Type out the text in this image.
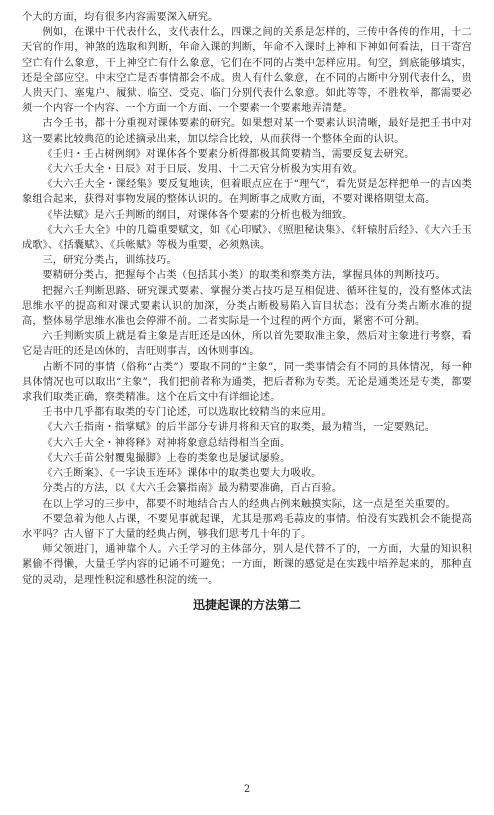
个大的方面，均有很多内容需要深入研究。

例如，在课中干代表什么，支代表什么，四课之间的关系是怎样的，三传中各传的作用，十二天官的作用，神煞的选取和判断，年命入课的判断，年命不入课时上神和下神如何看法，日干寄宫空亡有什么象意，干上神空亡有什么象意，它们在不同的占类中怎样应用。旬空，到底能够填实，还是全部应空。中末空亡是否事情都会不成。贵人有什么象意，在不同的占断中分别代表什么，贵人贵天门、塞鬼户、履狱、临空、受克、临门分别代表什么象意。如此等等，不胜枚举，都需要必须一个内容一个内容、一个方面一个方面、一个要素一个要素地弄清楚。

古今壬书，都十分重视对课体要素的研究。如果想对某一个要素认识清晰，最好是把壬书中对这一要素比较典范的论述摘录出来，加以综合比较，从而获得一个整体全面的认识。

《壬归・壬占树例纲》对课体各个要素分析得都极其简要精当，需要反复去研究。

《大六壬大全・日辰》对于日辰、发用、十二天官分析极为实用有效。

《大六壬大全・课经集》要反复地读，但着眼点应在于“理气”，看先贤是怎样把单一的吉凶类象组合起来，获得对事物发展的整体认识的。在判断事之成败方面，不要对课格期望太高。

《毕法赋》是六壬判断的纲目，对课体各个要素的分析也极为细致。

《大六壬大全》中的几篇重要赋文，如《心印赋》、《照胆秘诀集》、《轩辕肘后经》、《大六壬玉成歌》、《括囊赋》、《兵帐赋》等极为重要，必须熟读。

三，研究分类占，训练技巧。

要精研分类占，把握每个占类（包括其小类）的取类和察类方法，掌握具体的判断技巧。

把握六壬判断思路、研究课式要素、掌握分类占技巧是互相促进、循环往复的，没有整体式法思维水平的提高和对课式要素认识的加深，分类占断极易陷入盲目状态；没有分类占断水准的提高，整体易学思维水准也会停滞不前。二者实际是一个过程的两个方面，紧密不可分割。

六壬判断实质上就是看主象是吉旺还是凶休，所以首先要取准主象，然后对主象进行考察，看它是吉旺的还是凶休的，吉旺则事吉，凶休则事凶。

占断不同的事情（俗称“占类”）要取不同的“主象”，同一类事情会有不同的具体情况，每一种具体情况也可以取出“主象”，我们把前者称为通类，把后者称为专类。无论是通类还是专类，都要求我们取类正确，察类精准。这个在后文中有详细论述。

壬书中几乎都有取类的专门论述，可以选取比较精当的来应用。

《大六壬指南・指掌赋》的后半部分专讲月将和天官的取类，最为精当，一定要熟记。

《大六壬大全・神将释》对神将象意总结得相当全面。

《大六壬苗公射覆鬼撮脚》上卷的类象也是屡试屡验。

《六壬断案》、《一字诀玉连环》课体中的取类也要大力吸收。

分类占的方法，以《大六壬会纂指南》最为精要准确，百占百验。

在以上学习的三步中，都要不时地结合古人的经典占例来触摸实际，这一点是至关重要的。

不要急着为他人占课，不要见事就起课，尤其是那鸡毛蒜皮的事情。怕没有实践机会不能提高水平吗？古人留下了大量的经典占例，够我们思考几十年的了。

师父领进门，通神靠个人。六壬学习的主体部分，别人是代替不了的，一方面，大量的知识积累偷不得懒，大量壬学内容的记诵不可避免；一方面，断课的感觉是在实践中培养起来的，那种直觉的灵动，是理性积淀和感性积淀的统一。

迅捷起课的方法第二
2
